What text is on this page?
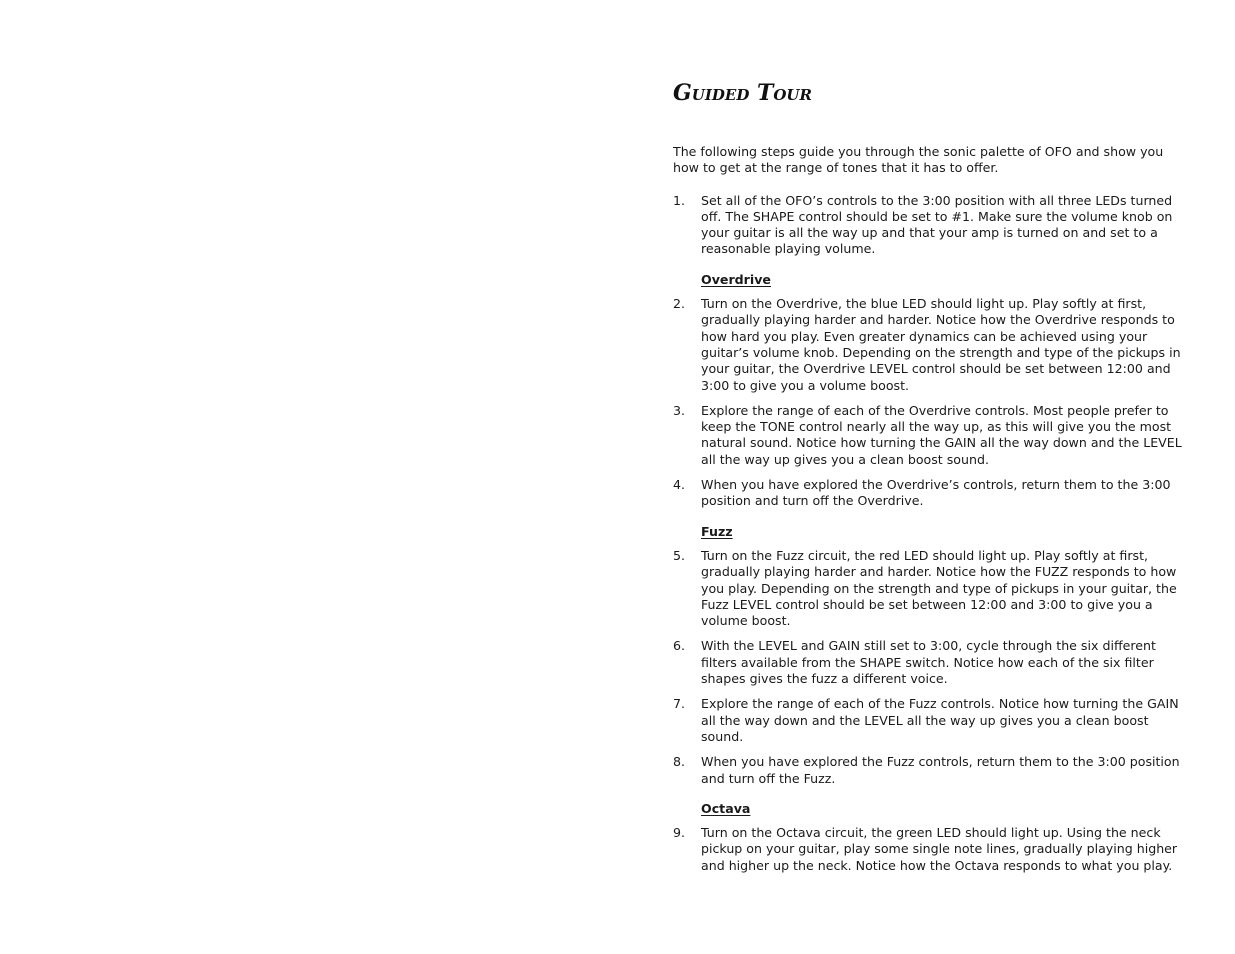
Guided Tour

The following steps guide you through the sonic palette of OFO and show you how to get at the range of tones that it has to offer.

1.	Set all of the OFO’s controls to the 3:00 position with all three LEDs turned off. The SHAPE control should be set to #1. Make sure the volume knob on your guitar is all the way up and that your amp is turned on and set to a reasonable playing volume.
Overdrive
2.	Turn on the Overdrive, the blue LED should light up. Play softly at first, gradually playing harder and harder. Notice how the Overdrive responds to how hard you play. Even greater dynamics can be achieved using your guitar’s volume knob. Depending on the strength and type of the pickups in your guitar, the Overdrive LEVEL control should be set between 12:00 and 3:00 to give you a volume boost.
3.	Explore the range of each of the Overdrive controls. Most people prefer to keep the TONE control nearly all the way up, as this will give you the most natural sound. Notice how turning the GAIN all the way down and the LEVEL all the way up gives you a clean boost sound.
4.	When you have explored the Overdrive’s controls, return them to the 3:00 position and turn off the Overdrive.
Fuzz
5.	Turn on the Fuzz circuit, the red LED should light up. Play softly at first, gradually playing harder and harder. Notice how the FUZZ responds to how you play. Depending on the strength and type of pickups in your guitar, the Fuzz LEVEL control should be set between 12:00 and 3:00 to give you a volume boost.
6.	With the LEVEL and GAIN still set to 3:00, cycle through the six different filters available from the SHAPE switch. Notice how each of the six filter shapes gives the fuzz a different voice.
7.	Explore the range of each of the Fuzz controls. Notice how turning the GAIN all the way down and the LEVEL all the way up gives you a clean boost sound.
8.	When you have explored the Fuzz controls, return them to the 3:00 position and turn off the Fuzz.
Octava
9.	Turn on the Octava circuit, the green LED should light up. Using the neck pickup on your guitar, play some single note lines, gradually playing higher and higher up the neck. Notice how the Octava responds to what you play.
